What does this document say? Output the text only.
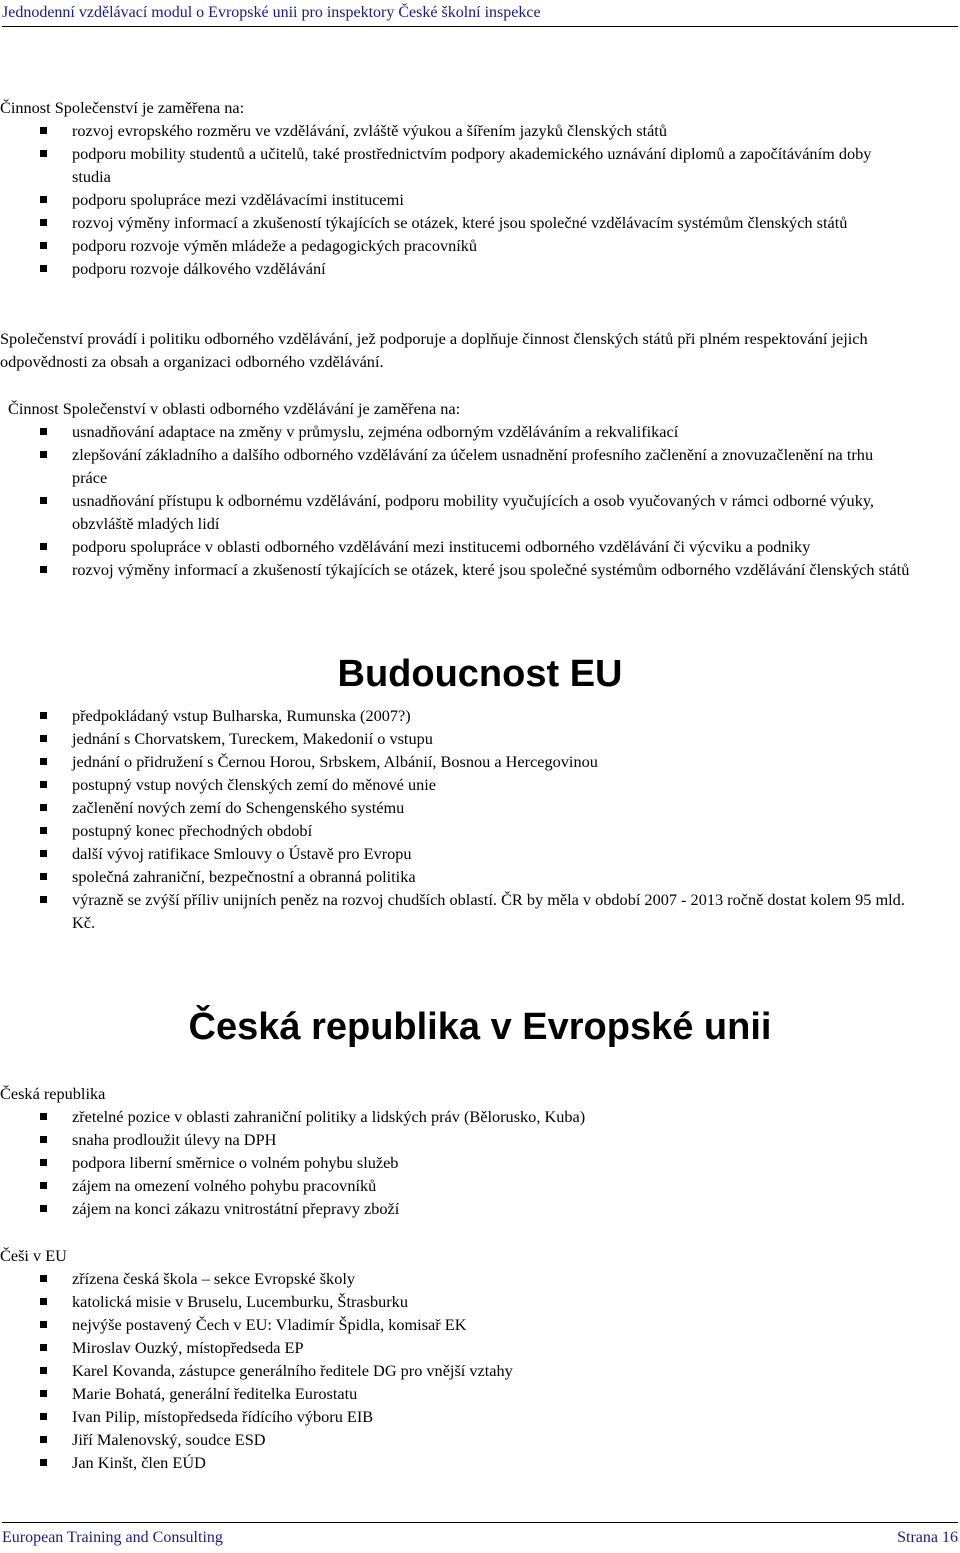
Jednodenní vzdělávací modul o Evropské unii pro inspektory České školní inspekce

Činnost Společenství je zaměřena na:

rozvoj evropského rozměru ve vzdělávání, zvláště výukou a šířením jazyků členských států
podporu mobility studentů a učitelů, také prostřednictvím podpory akademického uznávání diplomů a započítáváním doby studia
podporu spolupráce mezi vzdělávacími institucemi
rozvoj výměny informací a zkušeností týkajících se otázek, které jsou společné vzdělávacím systémům členských států
podporu rozvoje výměn mládeže a pedagogických pracovníků
podporu rozvoje dálkového vzdělávání

Společenství provádí i politiku odborného vzdělávání, jež podporuje a doplňuje činnost členských států při plném respektování jejich odpovědnosti za obsah a organizaci odborného vzdělávání.

Činnost Společenství v oblasti odborného vzdělávání je zaměřena na:

usnadňování adaptace na změny v průmyslu, zejména odborným vzděláváním a rekvalifikací
zlepšování základního a dalšího odborného vzdělávání za účelem usnadnění profesního začlenění a znovuzačlenění na trhu práce
usnadňování přístupu k odbornému vzdělávání, podporu mobility vyučujících a osob vyučovaných v rámci odborné výuky, obzvláště mladých lidí
podporu spolupráce v oblasti odborného vzdělávání mezi institucemi odborného vzdělávání či výcviku a podniky
rozvoj výměny informací a zkušeností týkajících se otázek, které jsou společné systémům odborného vzdělávání členských států
Budoucnost EU
předpokládaný vstup Bulharska, Rumunska (2007?)
jednání s Chorvatskem, Tureckem, Makedonií o vstupu
jednání o přidružení s Černou Horou, Srbskem, Albánií, Bosnou a Hercegovinou
postupný vstup nových členských zemí do měnové unie
začlenění nových zemí do Schengenského systému
postupný konec přechodných období
další vývoj ratifikace Smlouvy o Ústavě pro Evropu
společná zahraniční, bezpečnostní a obranná politika
výrazně se zvýší příliv unijních peněz na rozvoj chudších oblastí. ČR by měla v období 2007 - 2013 ročně dostat kolem 95 mld. Kč.
Česká republika v Evropské unii

Česká republika

zřetelné pozice v oblasti zahraniční politiky a lidských práv (Bělorusko, Kuba)
snaha prodloužit úlevy na DPH
podpora liberní směrnice o volném pohybu služeb
zájem na omezení volného pohybu pracovníků
zájem na konci zákazu vnitrostátní přepravy zboží

Češi v EU

zřízena česká škola – sekce Evropské školy
katolická misie v Bruselu, Lucemburku, Štrasburku
nejvýše postavený Čech v EU: Vladimír Špidla, komisař EK
Miroslav Ouzký, místopředseda EP
Karel Kovanda, zástupce generálního ředitele DG pro vnější vztahy
Marie Bohatá, generální ředitelka Eurostatu
Ivan Pilip, místopředseda řídícího výboru EIB
Jiří Malenovský, soudce ESD
Jan Kinšt, člen EÚD
European Training and Consulting	Strana 16
